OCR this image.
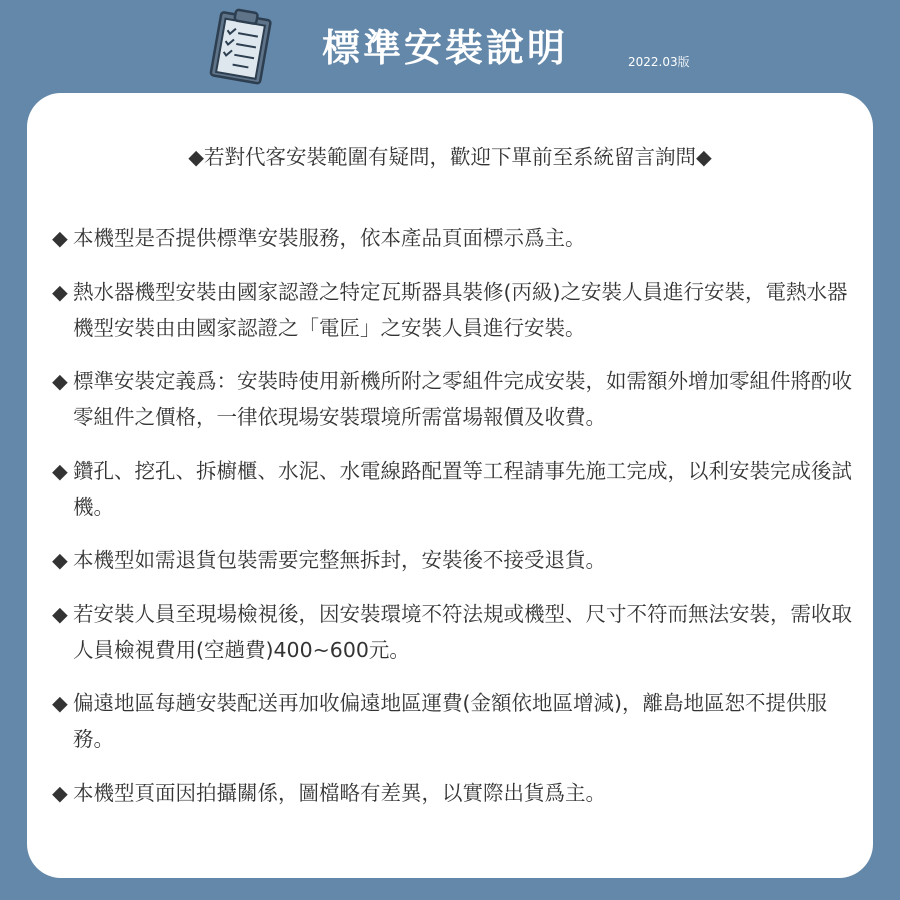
標準安裝說明	2022.03版
◆若對代客安裝範圍有疑問，歡迎下單前至系統留言詢問◆
◆ 本機型是否提供標準安裝服務，依本產品頁面標示爲主。
◆ 熱水器機型安裝由國家認證之特定瓦斯器具裝修(丙級)之安裝人員進行安裝，電熱水器機型安裝由由國家認證之「電匠」之安裝人員進行安裝。
◆ 標準安裝定義爲：安裝時使用新機所附之零組件完成安裝，如需額外增加零組件將酌收零組件之價格，一律依現場安裝環境所需當場報價及收費。
◆ 鑽孔、挖孔、拆櫥櫃、水泥、水電線路配置等工程請事先施工完成，以利安裝完成後試機。
◆ 本機型如需退貨包裝需要完整無拆封，安裝後不接受退貨。
◆ 若安裝人員至現場檢視後，因安裝環境不符法規或機型、尺寸不符而無法安裝，需收取人員檢視費用(空趟費)400~600元。
◆ 偏遠地區每趟安裝配送再加收偏遠地區運費(金額依地區增減)，離島地區恕不提供服務。
◆ 本機型頁面因拍攝關係，圖檔略有差異，以實際出貨爲主。
